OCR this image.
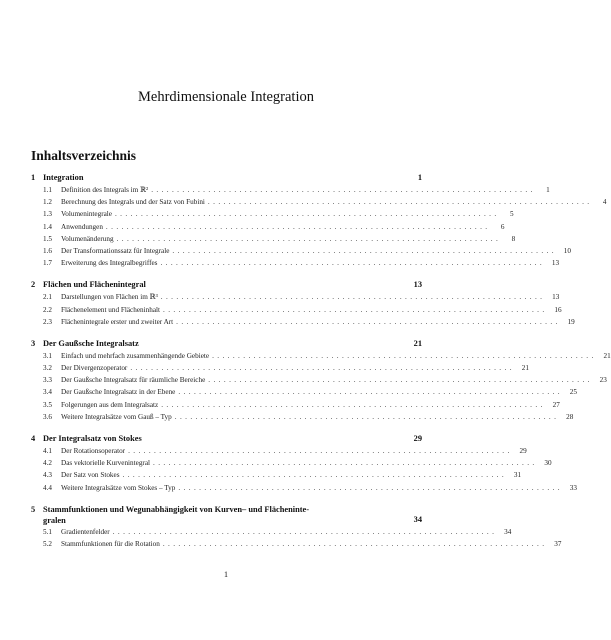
Mehrdimensionale Integration
Inhaltsverzeichnis
1 Integration	1
1.1	Definition des Integrals im ℝ² ..........................................................................	1
1.2	Berechnung des Integrals und der Satz von Fubini ..........................................................................	4
1.3	Volumenintegrale ..........................................................................	5
1.4	Anwendungen ..........................................................................	6
1.5	Volumenänderung ..........................................................................	8
1.6	Der Transformationssatz für Integrale .......................................................................... 10
1.7	Erweiterung des Integralbegriffes .......................................................................... 13
2 Flächen und Flächenintegral	13
2.1	Darstellungen von Flächen im ℝ³ .......................................................................... 13
2.2	Flächenelement und Flächeninhalt .......................................................................... 16
2.3	Flächenintegrale erster und zweiter Art .......................................................................... 19
3 Der Gaußsche Integralsatz	21
3.1	Einfach und mehrfach zusammenhängende Gebiete .......................................................................... 21
3.2	Der Divergenzoperator .......................................................................... 21
3.3	Der Gaußsche Integralsatz für räumliche Bereiche .......................................................................... 23
3.4	Der Gaußsche Integralsatz in der Ebene .......................................................................... 25
3.5	Folgerungen aus dem Integralsatz .......................................................................... 27
3.6	Weitere Integralsätze vom Gauß – Typ .......................................................................... 28
4 Der Integralsatz von Stokes	29
4.1	Der Rotationsoperator .......................................................................... 29
4.2	Das vektorielle Kurvenintegral .......................................................................... 30
4.3	Der Satz von Stokes .......................................................................... 31
4.4	Weitere Integralsätze vom Stokes – Typ .......................................................................... 33
5 Stammfunktionen und Wegunabhängigkeit von Kurven– und Flächeninte-
gralen	34
5.1	Gradientenfelder .......................................................................... 34
5.2	Stammfunktionen für die Rotation .......................................................................... 37
1
